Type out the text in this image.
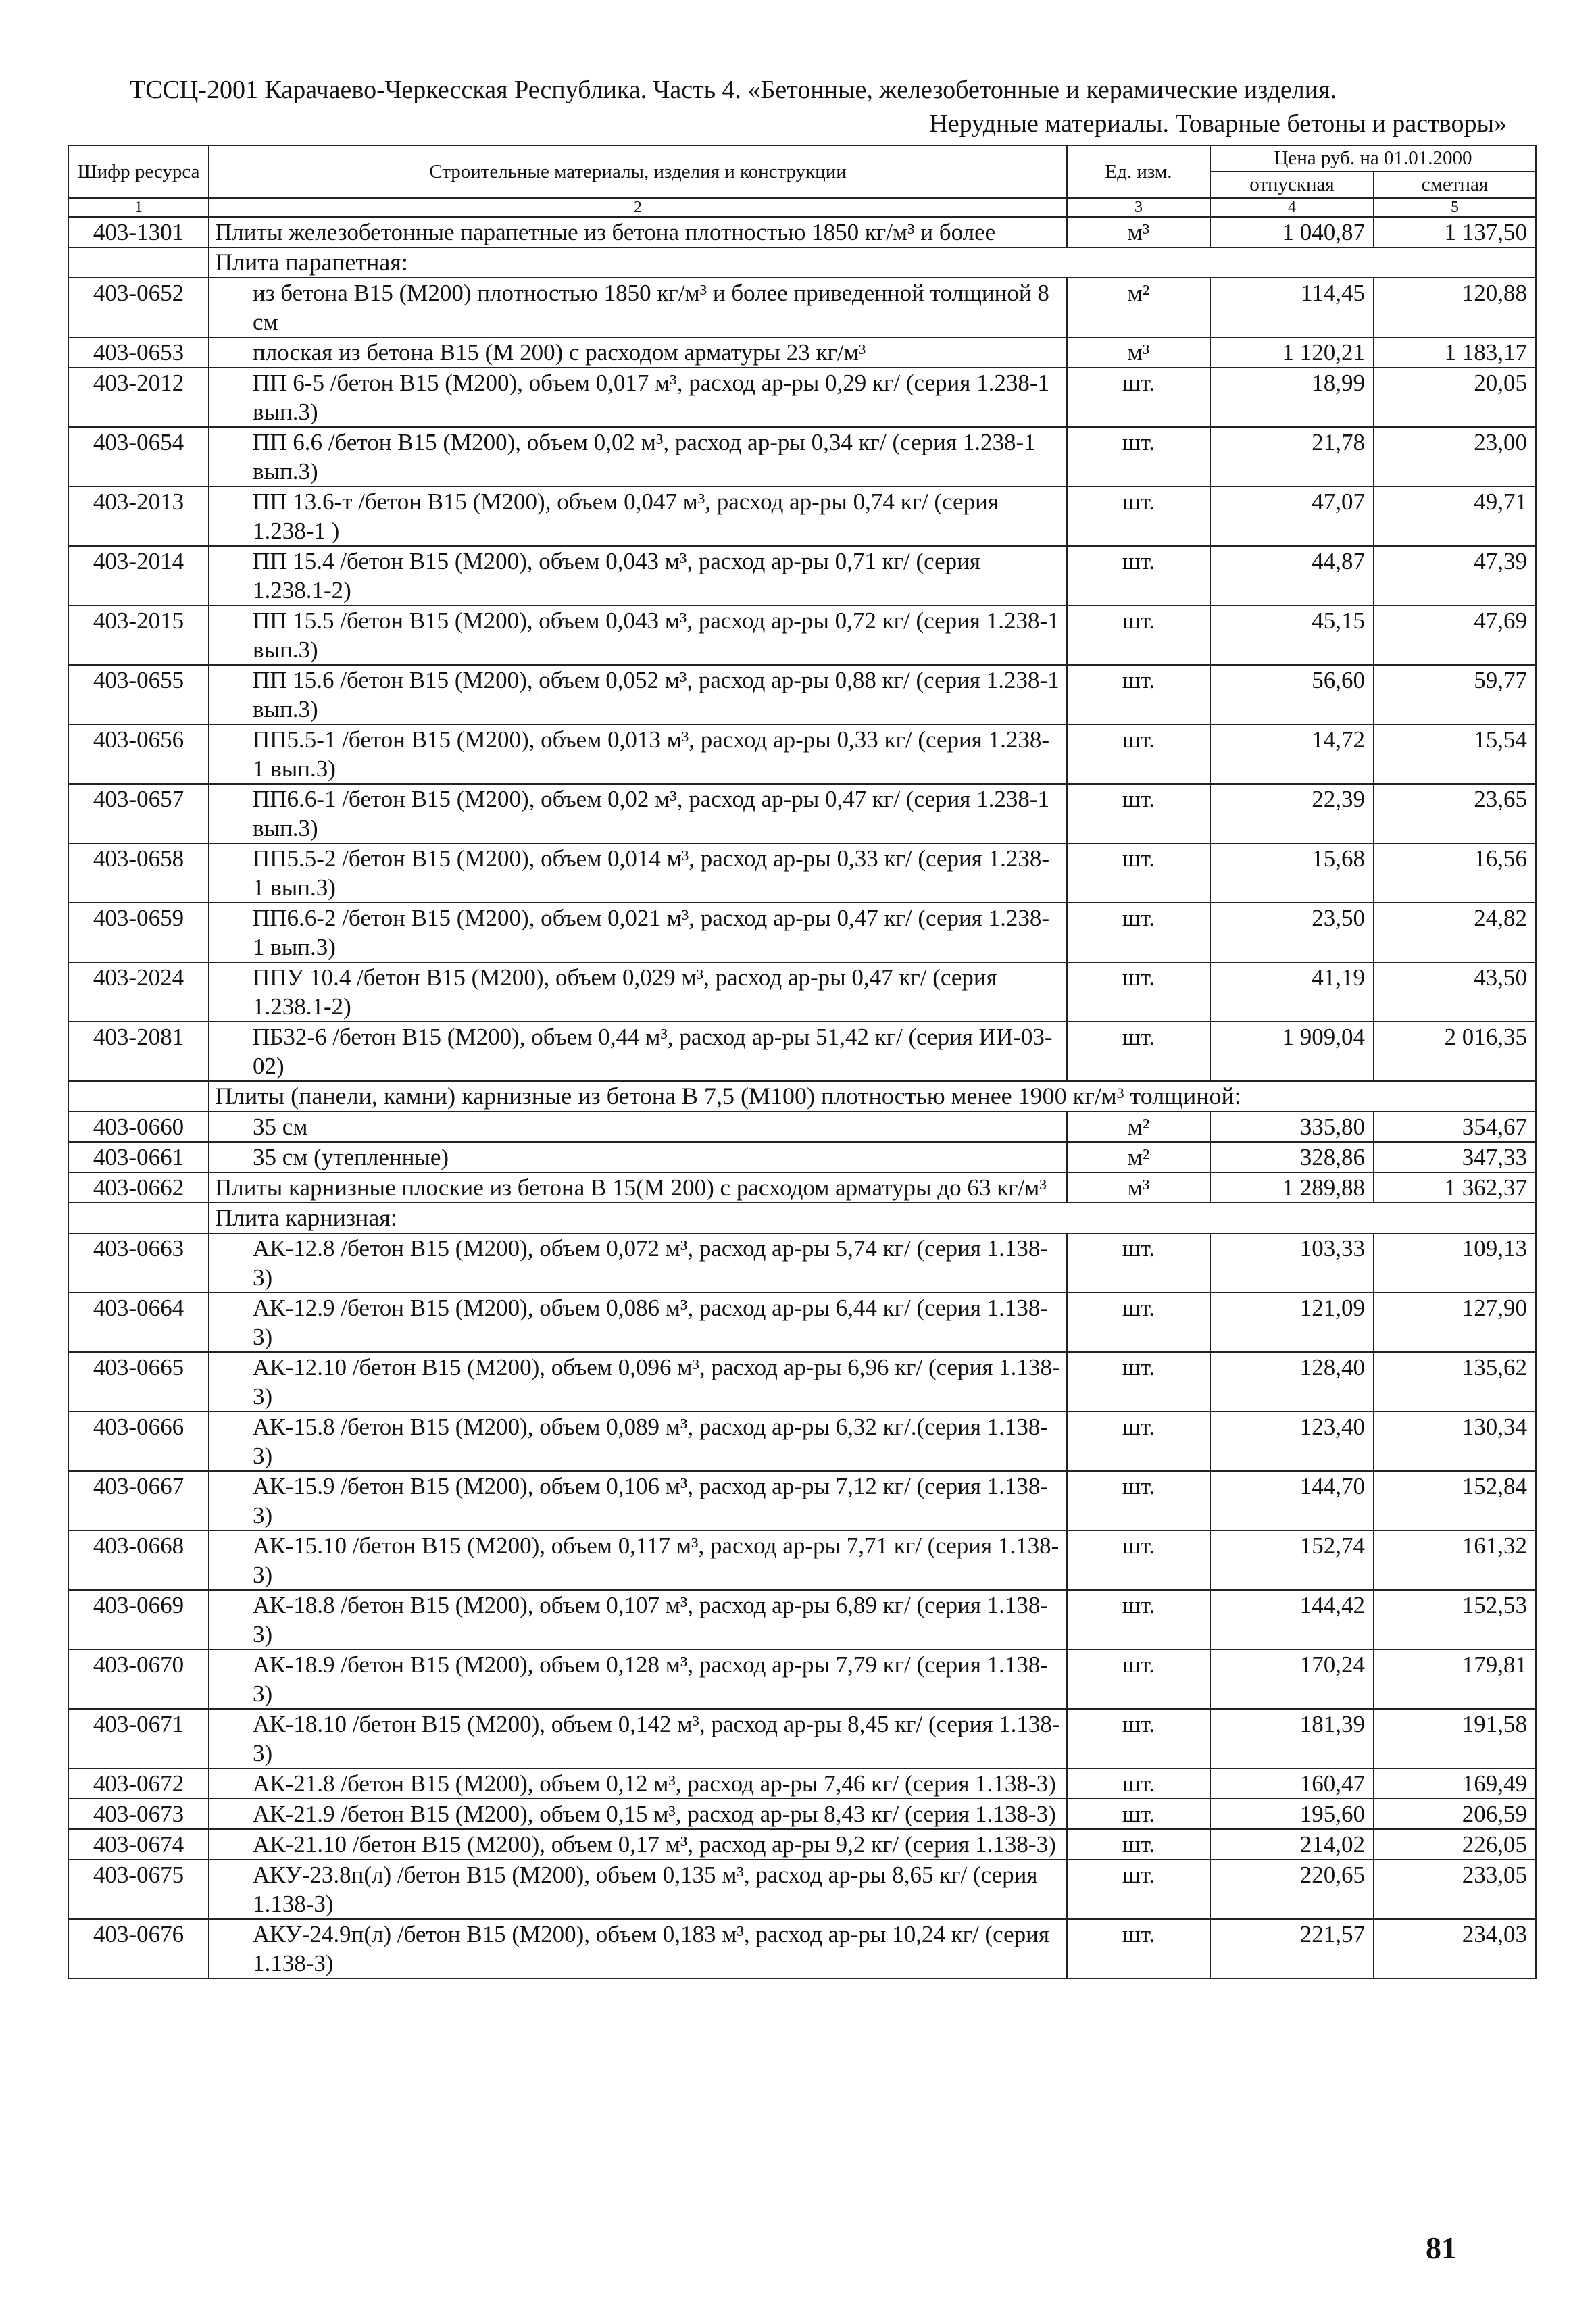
ТССЦ-2001 Карачаево-Черкесская Республика. Часть 4. «Бетонные, железобетонные и керамические изделия.
Нерудные материалы. Товарные бетоны и растворы»
Шифр ресурса	Строительные материалы, изделия и конструкции	Ед. изм.	Цена руб. на 01.01.2000	
			отпускная	сметная
1	2	3	4	5
403-1301	Плиты железобетонные парапетные из бетона плотностью 1850 кг/м³ и более	м³	1 040,87	1 137,50
	Плита парапетная:			
403-0652	из бетона В15 (М200) плотностью 1850 кг/м³ и более приведенной толщиной 8 см	м²	114,45	120,88
403-0653	плоская из бетона В15 (М 200) с расходом арматуры 23 кг/м³	м³	1 120,21	1 183,17
403-2012	ПП 6-5 /бетон В15 (М200), объем 0,017 м³, расход ар-ры 0,29 кг/ (серия 1.238-1 вып.3)	шт.	18,99	20,05
403-0654	ПП 6.6 /бетон В15 (М200), объем 0,02 м³, расход ар-ры 0,34 кг/ (серия 1.238-1 вып.3)	шт.	21,78	23,00
403-2013	ПП 13.6-т /бетон В15 (М200), объем 0,047 м³, расход ар-ры 0,74 кг/ (серия 1.238-1 )	шт.	47,07	49,71
403-2014	ПП 15.4 /бетон В15 (М200), объем 0,043 м³, расход ар-ры 0,71 кг/ (серия 1.238.1-2)	шт.	44,87	47,39
403-2015	ПП 15.5 /бетон В15 (М200), объем 0,043 м³, расход ар-ры 0,72 кг/ (серия 1.238-1 вып.3)	шт.	45,15	47,69
403-0655	ПП 15.6 /бетон В15 (М200), объем 0,052 м³, расход ар-ры 0,88 кг/ (серия 1.238-1 вып.3)	шт.	56,60	59,77
403-0656	ПП5.5-1 /бетон В15 (М200), объем 0,013 м³, расход ар-ры 0,33 кг/ (серия 1.238-1 вып.3)	шт.	14,72	15,54
403-0657	ПП6.6-1 /бетон В15 (М200), объем 0,02 м³, расход ар-ры 0,47 кг/ (серия 1.238-1 вып.3)	шт.	22,39	23,65
403-0658	ПП5.5-2 /бетон В15 (М200), объем 0,014 м³, расход ар-ры 0,33 кг/ (серия 1.238-1 вып.3)	шт.	15,68	16,56
403-0659	ПП6.6-2 /бетон В15 (М200), объем 0,021 м³, расход ар-ры 0,47 кг/ (серия 1.238-1 вып.3)	шт.	23,50	24,82
403-2024	ППУ 10.4 /бетон В15 (М200), объем 0,029 м³, расход ар-ры 0,47 кг/ (серия 1.238.1-2)	шт.	41,19	43,50
403-2081	ПБ32-6 /бетон В15 (М200), объем 0,44 м³, расход ар-ры 51,42 кг/ (серия ИИ-03-02)	шт.	1 909,04	2 016,35
	Плиты (панели, камни) карнизные из бетона В 7,5 (М100) плотностью менее 1900 кг/м³ толщиной:			
403-0660	35 см	м²	335,80	354,67
403-0661	35 см (утепленные)	м²	328,86	347,33
403-0662	Плиты карнизные плоские из бетона В 15(М 200) с расходом арматуры до 63 кг/м³	м³	1 289,88	1 362,37
	Плита карнизная:			
403-0663	АК-12.8 /бетон В15 (М200), объем 0,072 м³, расход ар-ры 5,74 кг/ (серия 1.138-3)	шт.	103,33	109,13
403-0664	АК-12.9 /бетон В15 (М200), объем 0,086 м³, расход ар-ры 6,44 кг/ (серия 1.138-3)	шт.	121,09	127,90
403-0665	АК-12.10 /бетон В15 (М200), объем 0,096 м³, расход ар-ры 6,96 кг/ (серия 1.138-3)	шт.	128,40	135,62
403-0666	АК-15.8 /бетон В15 (М200), объем 0,089 м³, расход ар-ры 6,32 кг/.(серия 1.138-3)	шт.	123,40	130,34
403-0667	АК-15.9 /бетон В15 (М200), объем 0,106 м³, расход ар-ры 7,12 кг/ (серия 1.138-3)	шт.	144,70	152,84
403-0668	АК-15.10 /бетон В15 (М200), объем 0,117 м³, расход ар-ры 7,71 кг/ (серия 1.138-3)	шт.	152,74	161,32
403-0669	АК-18.8 /бетон В15 (М200), объем 0,107 м³, расход ар-ры 6,89 кг/ (серия 1.138-3)	шт.	144,42	152,53
403-0670	АК-18.9 /бетон В15 (М200), объем 0,128 м³, расход ар-ры 7,79 кг/ (серия 1.138-3)	шт.	170,24	179,81
403-0671	АК-18.10 /бетон В15 (М200), объем 0,142 м³, расход ар-ры 8,45 кг/ (серия 1.138-3)	шт.	181,39	191,58
403-0672	АК-21.8 /бетон В15 (М200), объем 0,12 м³, расход ар-ры 7,46 кг/ (серия 1.138-3)	шт.	160,47	169,49
403-0673	АК-21.9 /бетон В15 (М200), объем 0,15 м³, расход ар-ры 8,43 кг/ (серия 1.138-3)	шт.	195,60	206,59
403-0674	АК-21.10 /бетон В15 (М200), объем 0,17 м³, расход ар-ры 9,2 кг/ (серия 1.138-3)	шт.	214,02	226,05
403-0675	АКУ-23.8п(л) /бетон В15 (М200), объем 0,135 м³, расход ар-ры 8,65 кг/ (серия 1.138-3)	шт.	220,65	233,05
403-0676	АКУ-24.9п(л) /бетон В15 (М200), объем 0,183 м³, расход ар-ры 10,24 кг/ (серия 1.138-3)	шт.	221,57	234,03
81
